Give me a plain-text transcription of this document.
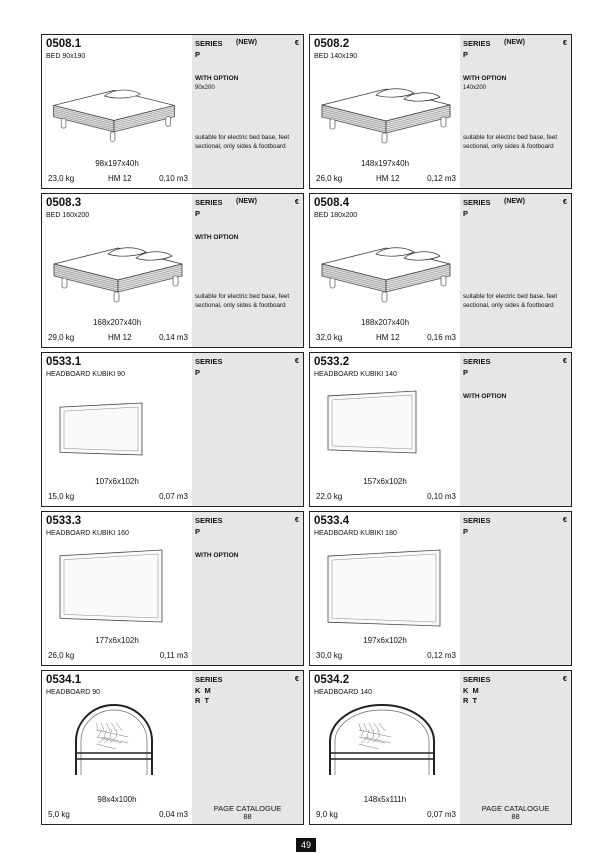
0508.1
BED 90x190
98x197x40h
23,0 kg	HM 12	0,10 m3
SERIES (NEW)	€
P
WITH OPTION
90x200
suitable for electric bed base, feet sectional, only sides & footboard
0508.2
BED 140x190
148x197x40h
26,0 kg	HM 12	0,12 m3
SERIES (NEW)	€
P
WITH OPTION
140x200
suitable for electric bed base, feet sectional, only sides & footboard
0508.3
BED 160x200
168x207x40h
29,0 kg	HM 12	0,14 m3
SERIES (NEW)	€
P
WITH OPTION
suitable for electric bed base, feet sectional, only sides & footboard
0508.4
BED 180x200
188x207x40h
32,0 kg	HM 12	0,16 m3
SERIES (NEW)	€
P
suitable for electric bed base, feet sectional, only sides & footboard
0533.1
HEADBOARD KUBIKI 90
107x6x102h
15,0 kg	0,07 m3
SERIES	€
P
0533.2
HEADBOARD KUBIKI 140
157x6x102h
22,0 kg	0,10 m3
SERIES	€
P
WITH OPTION
0533.3
HEADBOARD KUBIKI 160
177x6x102h
26,0 kg	0,11 m3
SERIES	€
P
WITH OPTION
0533.4
HEADBOARD KUBIKI 180
197x6x102h
30,0 kg	0,12 m3
SERIES	€
P
0534.1
HEADBOARD 90
98x4x100h
5,0 kg	0,04 m3
SERIES	€
K M
R T
PAGE CATALOGUE
88
0534.2
HEADBOARD 140
148x5x111h
9,0 kg	0,07 m3
SERIES	€
K M
R T
PAGE CATALOGUE
88
49
